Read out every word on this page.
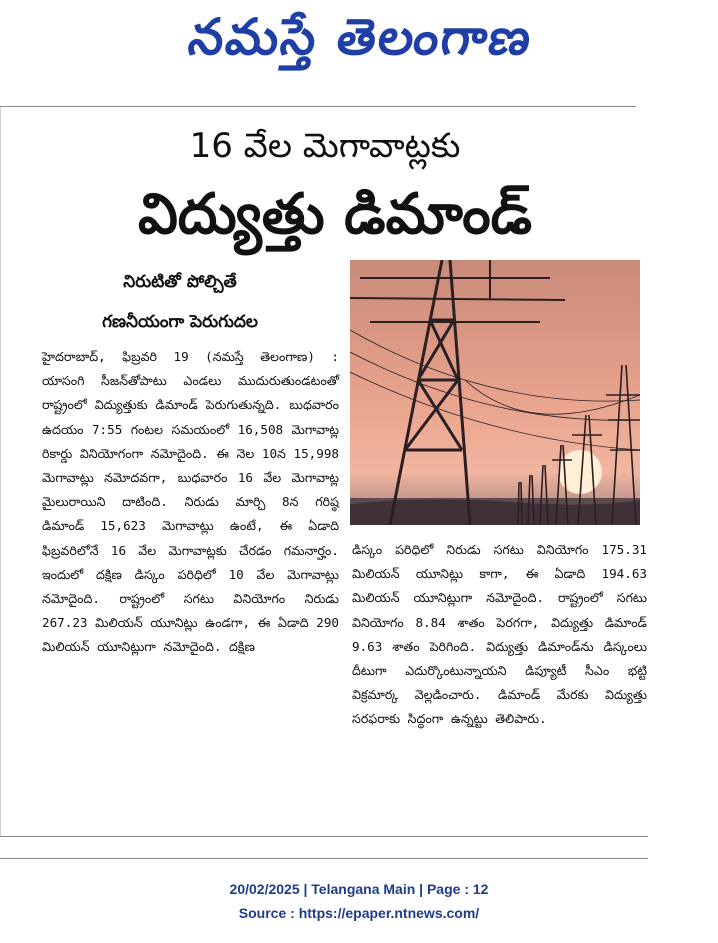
నమస్తే తెలంగాణ
16 వేల మెగావాట్లకు
విద్యుత్తు డిమాండ్
నిరుటితో పోల్చితే
గణనీయంగా పెరుగుదల

హైదరాబాద్, ఫిబ్రవరి 19 (నమస్తే తెలంగాణ) : యాసంగి సీజన్‌తోపాటు ఎండలు ముదురుతుండటంతో రాష్ట్రంలో విద్యుత్తుకు డిమాండ్ పెరుగుతున్నది. బుధవారం ఉదయం 7:55 గంటల సమయంలో 16,508 మెగావాట్ల రికార్డు వినియోగంగా నమోదైంది. ఈ నెల 10న 15,998 మెగావాట్లు నమోదవగా, బుధవారం 16 వేల మెగావాట్ల మైలురాయిని దాటింది. నిరుడు మార్చి 8న గరిష్ఠ డిమాండ్ 15,623 మెగావాట్లు ఉంటే, ఈ ఏడాది ఫిబ్రవరిలోనే 16 వేల మెగావాట్లకు చేరడం గమనార్హం. ఇందులో దక్షిణ డిస్కం పరిధిలో 10 వేల మెగావాట్లు నమోదైంది. రాష్ట్రంలో సగటు వినియోగం నిరుడు 267.23 మిలియన్ యూనిట్లు ఉండగా, ఈ ఏడాది 290 మిలియన్ యూనిట్లుగా నమోదైంది. దక్షిణ

డిస్కం పరిధిలో నిరుడు సగటు వినియోగం 175.31 మిలియన్ యూనిట్లు కాగా, ఈ ఏడాది 194.63 మిలియన్ యూనిట్లుగా నమోదైంది. రాష్ట్రంలో సగటు వినియోగం 8.84 శాతం పెరగగా, విద్యుత్తు డిమాండ్ 9.63 శాతం పెరిగింది. విద్యుత్తు డిమాండ్‌ను డిస్కంలు దీటుగా ఎదుర్కొంటున్నాయని డిప్యూటీ సీఎం భట్టి విక్రమార్క వెల్లడించారు. డిమాండ్ మేరకు విద్యుత్తు సరఫరాకు సిద్ధంగా ఉన్నట్టు తెలిపారు.

20/02/2025 | Telangana Main | Page : 12
Source : https://epaper.ntnews.com/
